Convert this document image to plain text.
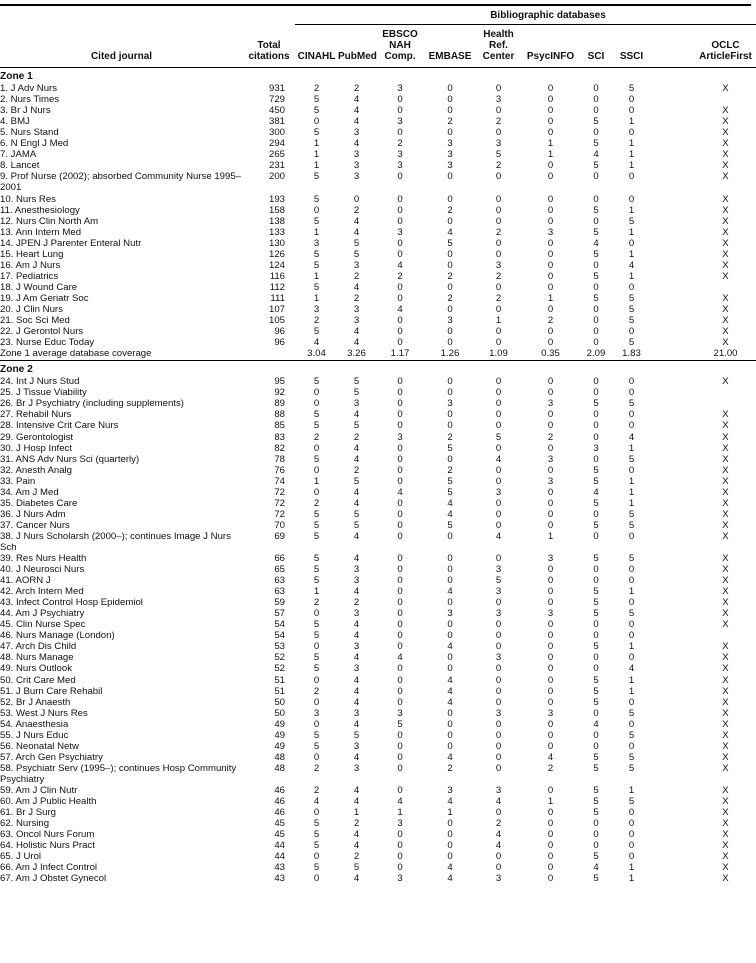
		Bibliographic databases								
Cited journal	Total
citations	CINAHL	PubMed	EBSCO
NAH
Comp.	EMBASE	Health
Ref.
Center	PsycINFO	SCI	SSCI	OCLC
ArticleFirst
Zone 1										
1. J Adv Nurs	931	2	2	3	0	0	0	0	5	X
2. Nurs Times	729	5	4	0	0	3	0	0	0	
3. Br J Nurs	450	5	4	0	0	0	0	0	0	X
4. BMJ	381	0	4	3	2	2	0	5	1	X
5. Nurs Stand	300	5	3	0	0	0	0	0	0	X
6. N Engl J Med	294	1	4	2	3	3	1	5	1	X
7. JAMA	265	1	3	3	3	5	1	4	1	X
8. Lancet	231	1	3	3	3	2	0	5	1	X
9. Prof Nurse (2002); absorbed Community Nurse 1995–2001	200	5	3	0	0	0	0	0	0	X
10. Nurs Res	193	5	0	0	0	0	0	0	0	X
11. Anesthesiology	158	0	2	0	2	0	0	5	1	X
12. Nurs Clin North Am	138	5	4	0	0	0	0	0	5	X
13. Ann Intern Med	133	1	4	3	4	2	3	5	1	X
14. JPEN J Parenter Enteral Nutr	130	3	5	0	5	0	0	4	0	X
15. Heart Lung	126	5	5	0	0	0	0	5	1	X
16. Am J Nurs	124	5	3	4	0	3	0	0	4	X
17. Pediatrics	116	1	2	2	2	2	0	5	1	X
18. J Wound Care	112	5	4	0	0	0	0	0	0	
19. J Am Geriatr Soc	111	1	2	0	2	2	1	5	5	X
20. J Clin Nurs	107	3	3	4	0	0	0	0	5	X
21. Soc Sci Med	105	2	3	0	3	1	2	0	5	X
22. J Gerontol Nurs	96	5	4	0	0	0	0	0	0	X
23. Nurse Educ Today	96	4	4	0	0	0	0	0	5	X
Zone 1 average database coverage		3.04	3.26	1.17	1.26	1.09	0.35	2.09	1.83	21.00
Zone 2										
24. Int J Nurs Stud	95	5	5	0	0	0	0	0	0	X
25. J Tissue Viability	92	0	5	0	0	0	0	0	0	
26. Br J Psychiatry (including supplements)	89	0	3	0	3	0	3	5	5	
27. Rehabil Nurs	88	5	4	0	0	0	0	0	0	X
28. Intensive Crit Care Nurs	85	5	5	0	0	0	0	0	0	X
29. Gerontologist	83	2	2	3	2	5	2	0	4	X
30. J Hosp Infect	82	0	4	0	5	0	0	3	1	X
31. ANS Adv Nurs Sci (quarterly)	78	5	4	0	0	4	3	0	5	X
32. Anesth Analg	76	0	2	0	2	0	0	5	0	X
33. Pain	74	1	5	0	5	0	3	5	1	X
34. Am J Med	72	0	4	4	5	3	0	4	1	X
35. Diabetes Care	72	2	4	0	4	0	0	5	1	X
36. J Nurs Adm	72	5	5	0	4	0	0	0	5	X
37. Cancer Nurs	70	5	5	0	5	0	0	5	5	X
38. J Nurs Scholarsh (2000–); continues Image J Nurs Sch	69	5	4	0	0	4	1	0	0	X
39. Res Nurs Health	66	5	4	0	0	0	3	5	5	X
40. J Neurosci Nurs	65	5	3	0	0	3	0	0	0	X
41. AORN J	63	5	3	0	0	5	0	0	0	X
42. Arch Intern Med	63	1	4	0	4	3	0	5	1	X
43. Infect Control Hosp Epidemiol	59	2	2	0	0	0	0	5	0	X
44. Am J Psychiatry	57	0	3	0	3	3	3	5	5	X
45. Clin Nurse Spec	54	5	4	0	0	0	0	0	0	X
46. Nurs Manage (London)	54	5	4	0	0	0	0	0	0	
47. Arch Dis Child	53	0	3	0	4	0	0	5	1	X
48. Nurs Manage	52	5	4	4	0	3	0	0	0	X
49. Nurs Outlook	52	5	3	0	0	0	0	0	4	X
50. Crit Care Med	51	0	4	0	4	0	0	5	1	X
51. J Burn Care Rehabil	51	2	4	0	4	0	0	5	1	X
52. Br J Anaesth	50	0	4	0	4	0	0	5	0	X
53. West J Nurs Res	50	3	3	3	0	3	3	0	5	X
54. Anaesthesia	49	0	4	5	0	0	0	4	0	X
55. J Nurs Educ	49	5	5	0	0	0	0	0	5	X
56. Neonatal Netw	49	5	3	0	0	0	0	0	0	X
57. Arch Gen Psychiatry	48	0	4	0	4	0	4	5	5	X
58. Psychiatr Serv (1995–); continues Hosp Community Psychiatry	48	2	3	0	2	0	2	5	5	X
59. Am J Clin Nutr	46	2	4	0	3	3	0	5	1	X
60. Am J Public Health	46	4	4	4	4	4	1	5	5	X
61. Br J Surg	46	0	1	1	1	0	0	5	0	X
62. Nursing	45	5	2	3	0	2	0	0	0	X
63. Oncol Nurs Forum	45	5	4	0	0	4	0	0	0	X
64. Holistic Nurs Pract	44	5	4	0	0	4	0	0	0	X
65. J Urol	44	0	2	0	0	0	0	5	0	X
66. Am J Infect Control	43	5	5	0	4	0	0	4	1	X
67. Am J Obstet Gynecol	43	0	4	3	4	3	0	5	1	X
